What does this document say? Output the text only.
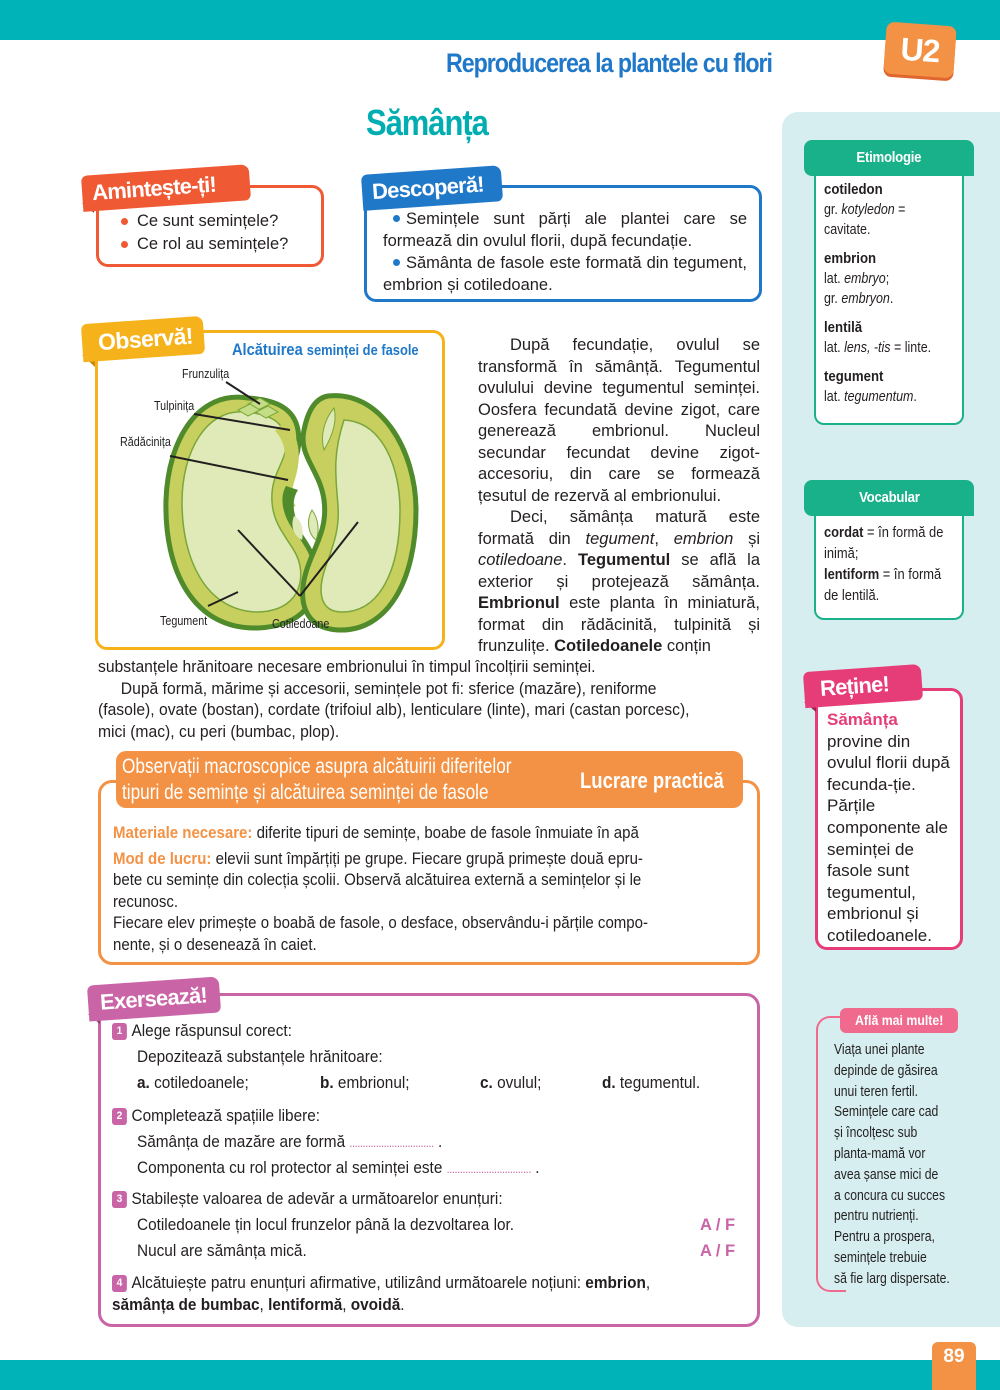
Reproducerea la plantele cu flori	U2
Sămânța
cotiledon
gr. kotyledon =
cavitate.
embrion
lat. embryo;
gr. embryon.
lentilă
lat. lens, -tis = linte.
tegument
lat. tegumentum.
Etimologie
cordat = în formă de
inimă;
lentiform = în formă
de lentilă.
Vocabular
Sămânța provine din ovulul florii după fecunda-ție. Părțile componente ale seminței de fasole sunt tegumentul, embrionul și cotiledoanele.
Reține!
Află mai multe!
Viața unei plante
depinde de găsirea
unui teren fertil.
Semințele care cad
și încolțesc sub
planta-mamă vor
avea șanse mici de
a concura cu succes
pentru nutrienți.
Pentru a prospera,
semințele trebuie
să fie larg dispersate.
Ce sunt semințele?
Ce rol au semințele?
Amintește-ți!
Semințele sunt părți ale plantei care se formează din ovulul florii, după fecundație.
Sământa de fasole este formată din tegument, embrion și cotiledoane.
Descoperă!
Observă!	Alcătuirea seminței de fasole
Frunzulița
Tulpinița
Rădăcinița
Tegument	Cotiledoane

După fecundație, ovulul se transformă în sămânță. Tegumentul ovulului devine tegumentul seminței. Oosfera fecundată devine zigot, care generează embrionul. Nucleul secundar fecundat devine zigot-accesoriu, din care se formează țesutul de rezervă al embrionului.

Deci, sămânța matură este formată din tegument, embrion și cotiledoane. Tegumentul se află la exterior și protejează sămânța. Embrionul este planta în miniatură, format din rădăcinită, tulpinită și frunzulițe. Cotiledoanele conțin

substanțele hrănitoare necesare embrionului în timpul încolțirii seminței.
După formă, mărime și accesorii, semințele pot fi: sferice (mazăre), reniforme
(fasole), ovate (bostan), cordate (trifoiul alb), lenticulare (linte), mari (castan porcesc),
mici (mac), cu peri (bumbac, plop).
Materiale necesare: diferite tipuri de semințe, boabe de fasole înmuiate în apă
Mod de lucru: elevii sunt împărțiți pe grupe. Fiecare grupă primește două epru-
bete cu semințe din colecția școlii. Observă alcătuirea externă a semințelor și le
recunosc.
Fiecare elev primește o boabă de fasole, o desface, observându-i părțile compo-
nente, și o desenează în caiet.
Observații macroscopice asupra alcătuirii diferitelor
tipuri de semințe și alcătuirea seminței de fasole	Lucrare practică
Exersează!
1 Alege răspunsul corect:
Depozitează substanțele hrănitoare:
a. cotiledoanele;	b. embrionul;	c. ovulul;	d. tegumentul.
2 Completează spațiile libere:
Sămânța de mazăre are formă ................................ .
Componenta cu rol protector al seminței este ................................ .
3 Stabilește valoarea de adevăr a următoarelor enunțuri:
Cotiledoanele țin locul frunzelor până la dezvoltarea lor.	A / F
Nucul are sămânța mică.	A / F
4 Alcătuiește patru enunțuri afirmative, utilizând următoarele noțiuni: embrion,
sămânța de bumbac, lentiformă, ovoidă.
89
